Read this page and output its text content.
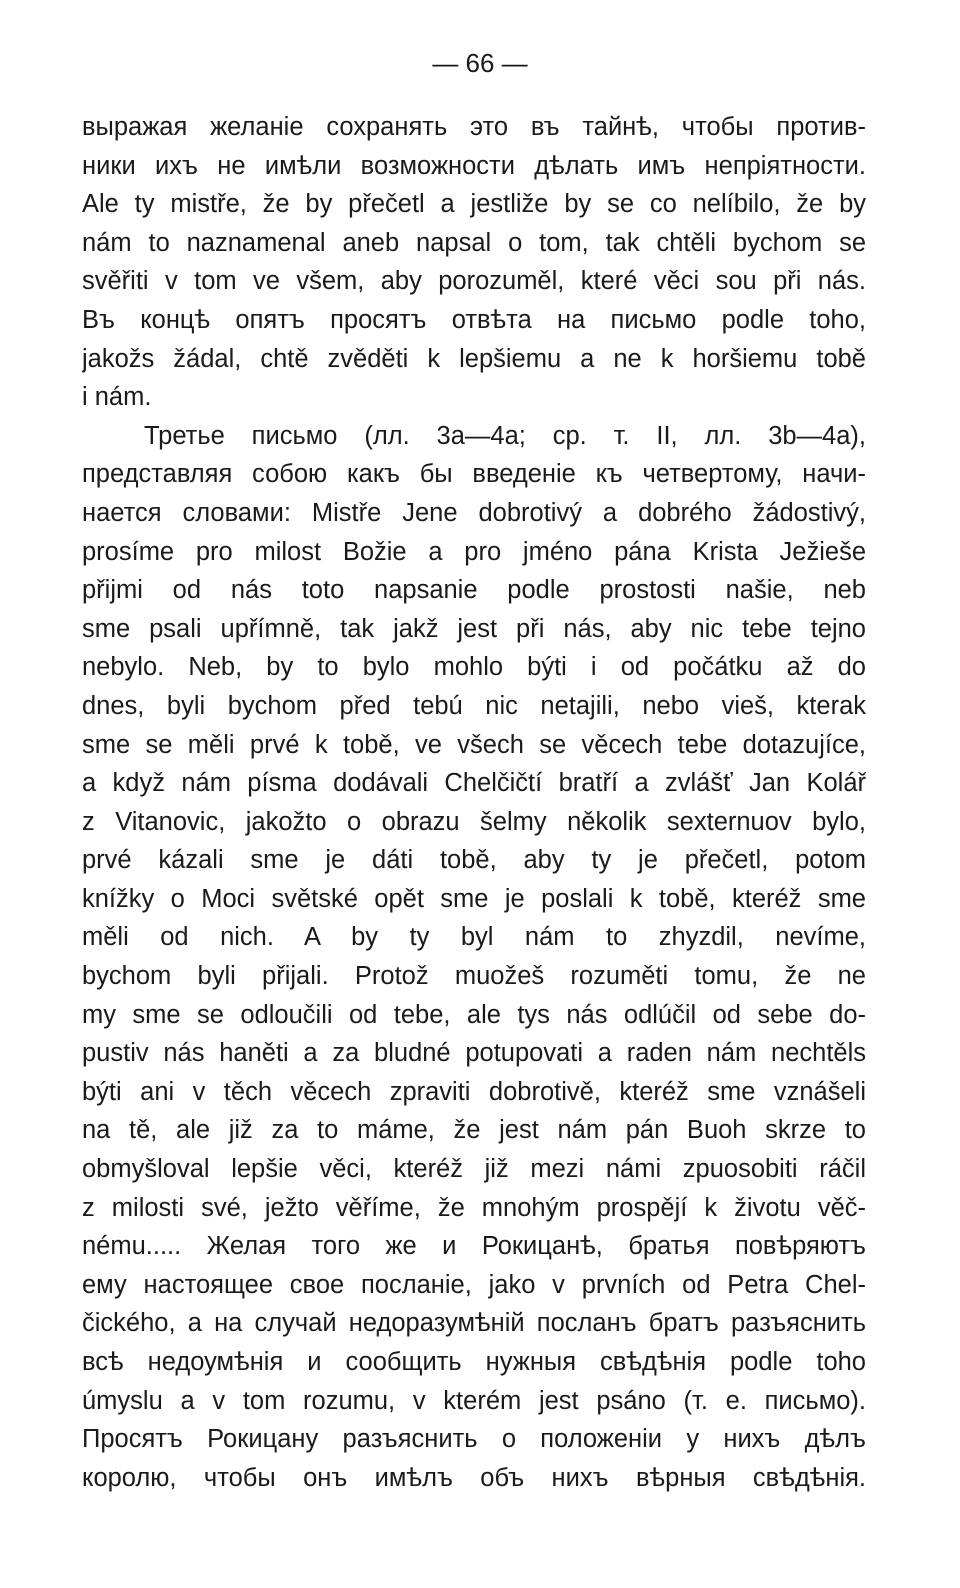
— 66 —
выражая желаніе сохранять это въ тайнѣ, чтобы против-
ники ихъ не имѣли возможности дѣлать имъ непріятности.
Ale ty mistře, že by přečetl a jestliže by se co nelíbilo, že by
nám to naznamenal aneb napsal o tom, tak chtěli bychom se
svěřiti v tom ve všem, aby porozuměl, které věci sou při nás.
Въ концѣ опятъ просятъ отвѣта на письмо podle toho,
jakožs žádal, chtě zvěděti k lepšiemu a ne k horšiemu tobě
i nám.
Третье письмо (лл. 3а—4а; ср. т. II, лл. 3b—4а),
представляя собою какъ бы введеніе къ четвертому, начи-
нается словами: Mistře Jene dobrotivý a dobrého žádostivý,
prosíme pro milost Božie a pro jméno pána Krista Ježieše
přijmi od nás toto napsanie podle prostosti našie, neb
sme psali upřímně, tak jakž jest při nás, aby nic tebe tejno
nebylo. Neb, by to bylo mohlo býti i od počátku až do
dnes, byli bychom před tebú nic netajili, nebo vieš, kterak
sme se měli prvé k tobě, ve všech se věcech tebe dotazujíce,
a když nám písma dodávali Chelčičtí bratří a zvlášť Jan Kolář
z Vitanovic, jakožto o obrazu šelmy několik sexternuov bylo,
prvé kázali sme je dáti tobě, aby ty je přečetl, potom
knížky o Moci světské opět sme je poslali k tobě, kteréž sme
měli od nich. A by ty byl nám to zhyzdil, nevíme,
bychom byli přijali. Protož muožeš rozuměti tomu, že ne
my sme se odloučili od tebe, ale tys nás odlúčil od sebe do-
pustiv nás haněti a za bludné potupovati a raden nám nechtěls
býti ani v těch věcech zpraviti dobrotivě, kteréž sme vznášeli
na tě, ale již za to máme, že jest nám pán Buoh skrze to
obmyšloval lepšie věci, kteréž již mezi námi zpuosobiti ráčil
z milosti své, ježto věříme, že mnohým prospějí k životu věč-
nému..... Желая того же и Рокицанѣ, братья повѣряютъ
ему настоящее свое посланіе, jako v prvních od Petra Chel-
čického, а на случай недоразумѣній посланъ братъ разъяснить
всѣ недоумѣнія и сообщить нужныя свѣдѣнія podle toho
úmyslu a v tom rozumu, v kterém jest psáno (т. е. письмо).
Просятъ Рокицану разъяснить о положеніи у нихъ дѣлъ
королю, чтобы онъ имѣлъ объ нихъ вѣрныя свѣдѣнія.
